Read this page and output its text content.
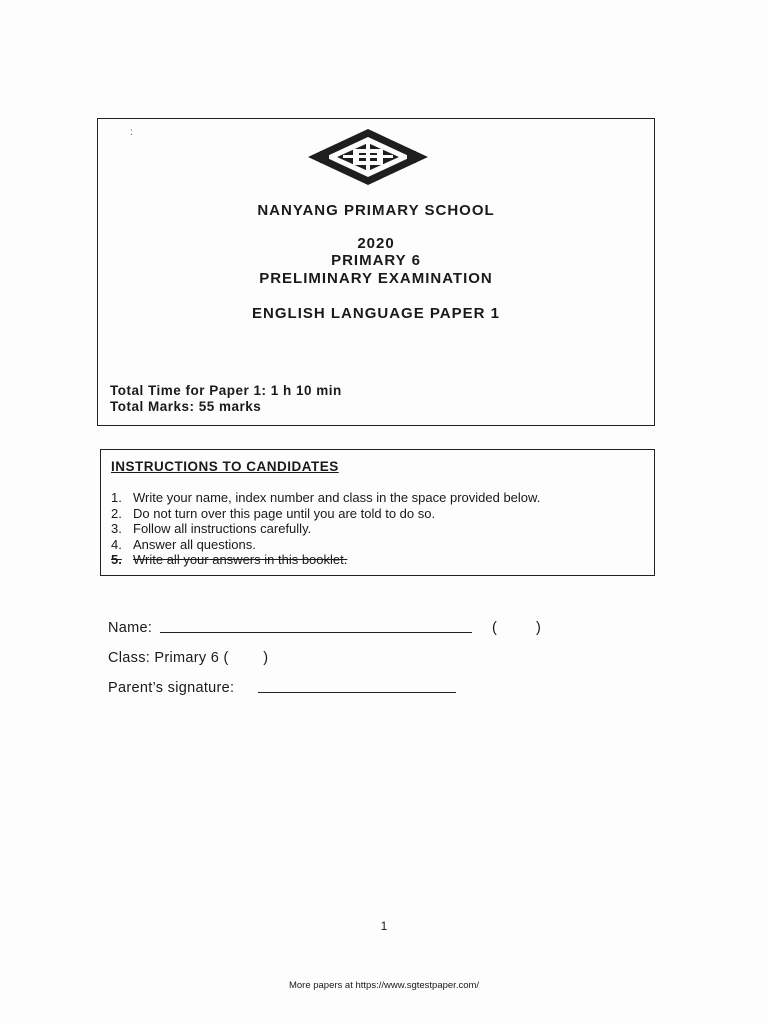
:
NANYANG PRIMARY SCHOOL
2020
PRIMARY 6
PRELIMINARY EXAMINATION
ENGLISH LANGUAGE PAPER 1
Total Time for Paper 1: 1 h 10 min
Total Marks: 55 marks
INSTRUCTIONS TO CANDIDATES
1. Write your name, index number and class in the space provided below.
2. Do not turn over this page until you are told to do so.
3. Follow all instructions carefully.
4. Answer all questions.
5. Write all your answers in this booklet.
Name:	(	)
Class: Primary 6 (        )
Parent’s signature:
1
More papers at https://www.sgtestpaper.com/
